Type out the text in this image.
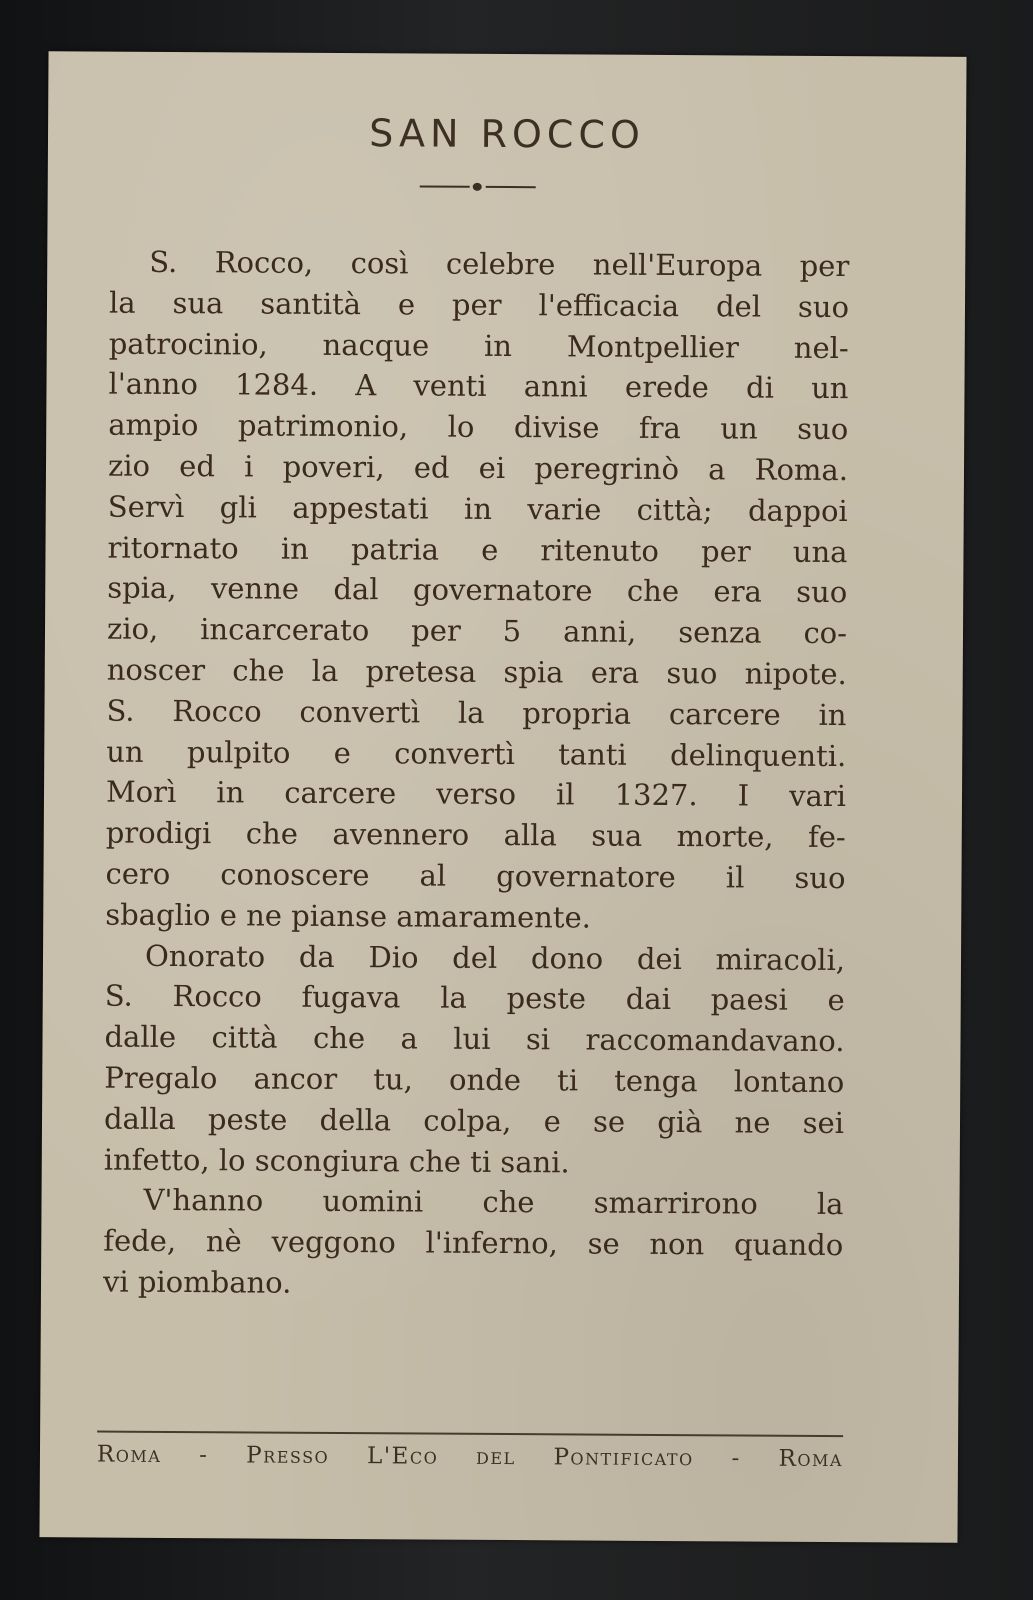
SAN ROCCO
S. Rocco, così celebre nell'Europa per
la sua santità e per l'efficacia del suo
patrocinio, nacque in Montpellier nel-
l'anno 1284. A venti anni erede di un
ampio patrimonio, lo divise fra un suo
zio ed i poveri, ed ei peregrinò a Roma.
Servì gli appestati in varie città; dappoi
ritornato in patria e ritenuto per una
spia, venne dal governatore che era suo
zio, incarcerato per 5 anni, senza co-
noscer che la pretesa spia era suo nipote.
S. Rocco convertì la propria carcere in
un pulpito e convertì tanti delinquenti.
Morì in carcere verso il 1327. I vari
prodigi che avennero alla sua morte, fe-
cero conoscere al governatore il suo
sbaglio e ne pianse amaramente.
Onorato da Dio del dono dei miracoli,
S. Rocco fugava la peste dai paesi e
dalle città che a lui si raccomandavano.
Pregalo ancor tu, onde ti tenga lontano
dalla peste della colpa, e se già ne sei
infetto, lo scongiura che ti sani.
V'hanno uomini che smarrirono la
fede, nè veggono l'inferno, se non quando
vi piombano.
Roma - Presso L'Eco del Pontificato - Roma
